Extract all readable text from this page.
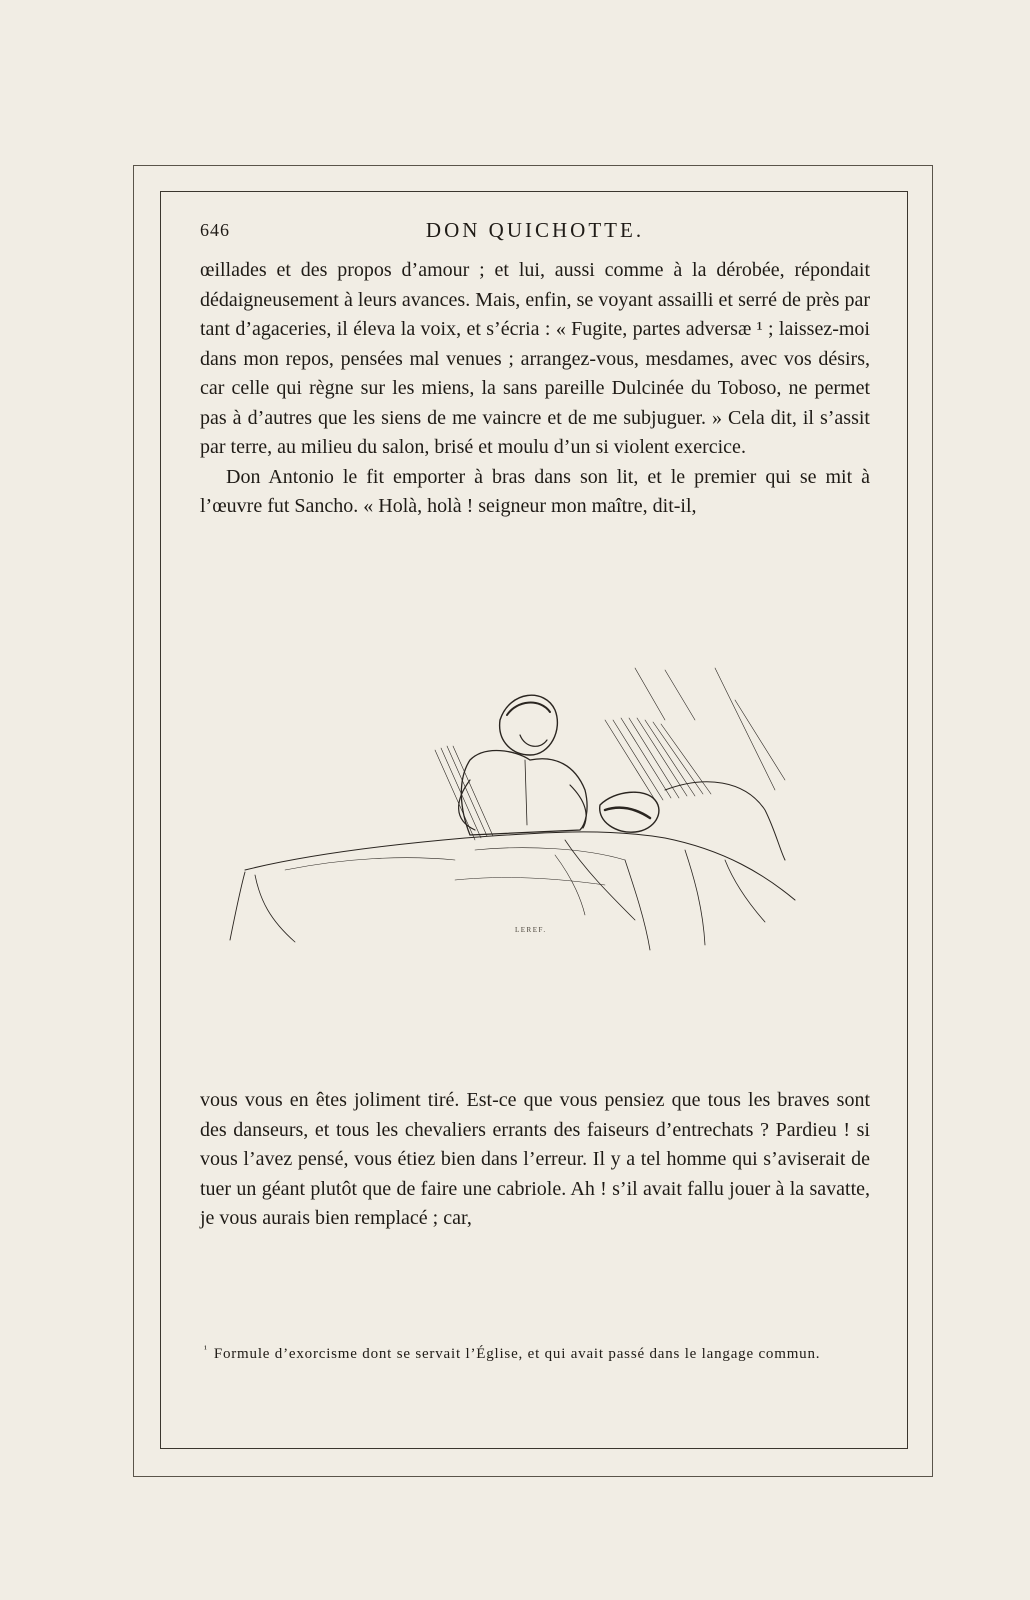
646	DON QUICHOTTE.

œillades et des propos d’amour ; et lui, aussi comme à la dérobée, répondait dédaigneusement à leurs avances. Mais, enfin, se voyant assailli et serré de près par tant d’agaceries, il éleva la voix, et s’écria : « Fugite, partes adversæ ¹ ; laissez-moi dans mon repos, pensées mal venues ; arrangez-vous, mesdames, avec vos désirs, car celle qui règne sur les miens, la sans pareille Dulcinée du Toboso, ne permet pas à d’autres que les siens de me vaincre et de me subjuguer. » Cela dit, il s’assit par terre, au milieu du salon, brisé et moulu d’un si violent exercice.

Don Antonio le fit emporter à bras dans son lit, et le premier qui se mit à l’œuvre fut Sancho. « Holà, holà ! seigneur mon maître, dit-il,

LEREF.

vous vous en êtes joliment tiré. Est-ce que vous pensiez que tous les braves sont des danseurs, et tous les chevaliers errants des faiseurs d’entrechats ? Pardieu ! si vous l’avez pensé, vous étiez bien dans l’erreur. Il y a tel homme qui s’aviserait de tuer un géant plutôt que de faire une cabriole. Ah ! s’il avait fallu jouer à la savatte, je vous aurais bien remplacé ; car,

$^{^1}$ Formule d’exorcisme dont se servait l’Église, et qui avait passé dans le langage commun.
